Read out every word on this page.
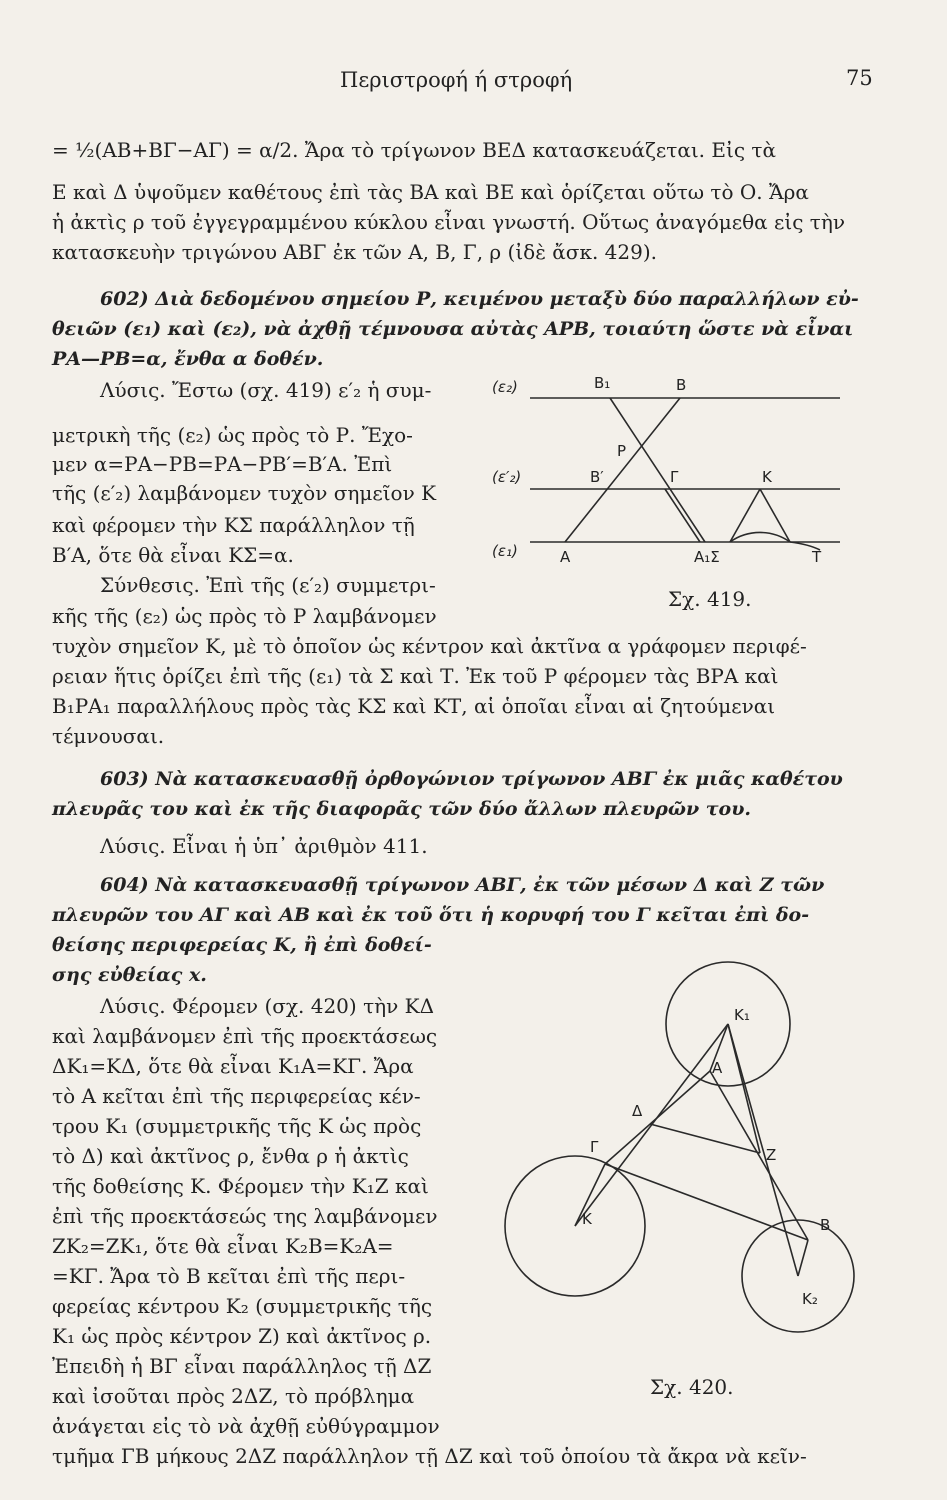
Περιστροφή ή στροφή	75
= ½(ΑΒ+ΒΓ−ΑΓ) = α/2. Ἄρα τὸ τρίγωνον ΒΕΔ κατασκευάζεται. Εἰς τὰ
Ε καὶ Δ ὑψοῦμεν καθέτους ἐπὶ τὰς ΒΑ καὶ ΒΕ καὶ ὁρίζεται οὕτω τὸ Ο. Ἄρα
ἡ ἀκτὶς ρ τοῦ ἐγγεγραμμένου κύκλου εἶναι γνωστή. Οὕτως ἀναγόμεθα εἰς τὴν
κατασκευὴν τριγώνου ΑΒΓ ἐκ τῶν Α, Β, Γ, ρ (ἰδὲ ἄσκ. 429).
602) Διὰ δεδομένου σημείου Ρ, κειμένου μεταξὺ δύο παραλλήλων εὐ-
θειῶν (ε₁) καὶ (ε₂), νὰ ἀχθῇ τέμνουσα αὐτὰς ΑΡΒ, τοιαύτη ὥστε νὰ εἶναι
ΡΑ—ΡΒ=α, ἔνθα α δοθέν.
Λύσις. Ἔστω (σχ. 419) ε′₂ ἡ συμ-
μετρικὴ τῆς (ε₂) ὡς πρὸς τὸ Ρ. Ἔχο-
μεν α=ΡΑ−ΡΒ=ΡΑ−ΡΒ′=Β′Α. Ἐπὶ
τῆς (ε′₂) λαμβάνομεν τυχὸν σημεῖον Κ
καὶ φέρομεν τὴν ΚΣ παράλληλον τῇ
Β′Α, ὅτε θὰ εἶναι ΚΣ=α.
Σύνθεσις. Ἐπὶ τῆς (ε′₂) συμμετρι-
κῆς τῆς (ε₂) ὡς πρὸς τὸ Ρ λαμβάνομεν
(ε₂)
(ε′₂)
(ε₁)
Β₁	Β
Ρ
Β′	Γ	Κ
Α	Α₁Σ	Τ
Σχ. 419.
τυχὸν σημεῖον Κ, μὲ τὸ ὁποῖον ὡς κέντρον καὶ ἀκτῖνα α γράφομεν περιφέ-
ρειαν ἥτις ὁρίζει ἐπὶ τῆς (ε₁) τὰ Σ καὶ Τ. Ἐκ τοῦ Ρ φέρομεν τὰς ΒΡΑ καὶ
Β₁ΡΑ₁ παραλλήλους πρὸς τὰς ΚΣ καὶ ΚΤ, αἱ ὁποῖαι εἶναι αἱ ζητούμεναι
τέμνουσαι.
603) Νὰ κατασκευασθῇ ὀρθογώνιον τρίγωνον ΑΒΓ ἐκ μιᾶς καθέτου
πλευρᾶς του καὶ ἐκ τῆς διαφορᾶς τῶν δύο ἄλλων πλευρῶν του.
Λύσις. Εἶναι ἡ ὑπ᾽ ἀριθμὸν 411.
604) Νὰ κατασκευασθῇ τρίγωνον ΑΒΓ, ἐκ τῶν μέσων Δ καὶ Ζ τῶν
πλευρῶν του ΑΓ καὶ ΑΒ καὶ ἐκ τοῦ ὅτι ἡ κορυφή του Γ κεῖται ἐπὶ δο-
θείσης περιφερείας Κ, ἢ ἐπὶ δοθεί-
σης εὐθείας x.
Λύσις. Φέρομεν (σχ. 420) τὴν ΚΔ
καὶ λαμβάνομεν ἐπὶ τῆς προεκτάσεως
ΔΚ₁=ΚΔ, ὅτε θὰ εἶναι Κ₁Α=ΚΓ. Ἄρα
τὸ Α κεῖται ἐπὶ τῆς περιφερείας κέν-
τρου Κ₁ (συμμετρικῆς τῆς Κ ὡς πρὸς
τὸ Δ) καὶ ἀκτῖνος ρ, ἔνθα ρ ἡ ἀκτὶς
τῆς δοθείσης Κ. Φέρομεν τὴν Κ₁Ζ καὶ
ἐπὶ τῆς προεκτάσεώς της λαμβάνομεν
ΖΚ₂=ΖΚ₁, ὅτε θὰ εἶναι Κ₂Β=Κ₂Α=
=ΚΓ. Ἄρα τὸ Β κεῖται ἐπὶ τῆς περι-
φερείας κέντρου Κ₂ (συμμετρικῆς τῆς
Κ₁ ὡς πρὸς κέντρον Ζ) καὶ ἀκτῖνος ρ.
Ἐπειδὴ ἡ ΒΓ εἶναι παράλληλος τῇ ΔΖ
καὶ ἰσοῦται πρὸς 2ΔΖ, τὸ πρόβλημα
ἀνάγεται εἰς τὸ νὰ ἀχθῇ εὐθύγραμμον
τμῆμα ΓΒ μήκους 2ΔΖ παράλληλον τῇ ΔΖ καὶ τοῦ ὁποίου τὰ ἄκρα νὰ κεῖν-
Κ₁
Α
Δ
Γ	Ζ
Κ	Β
Κ₂
Σχ. 420.
